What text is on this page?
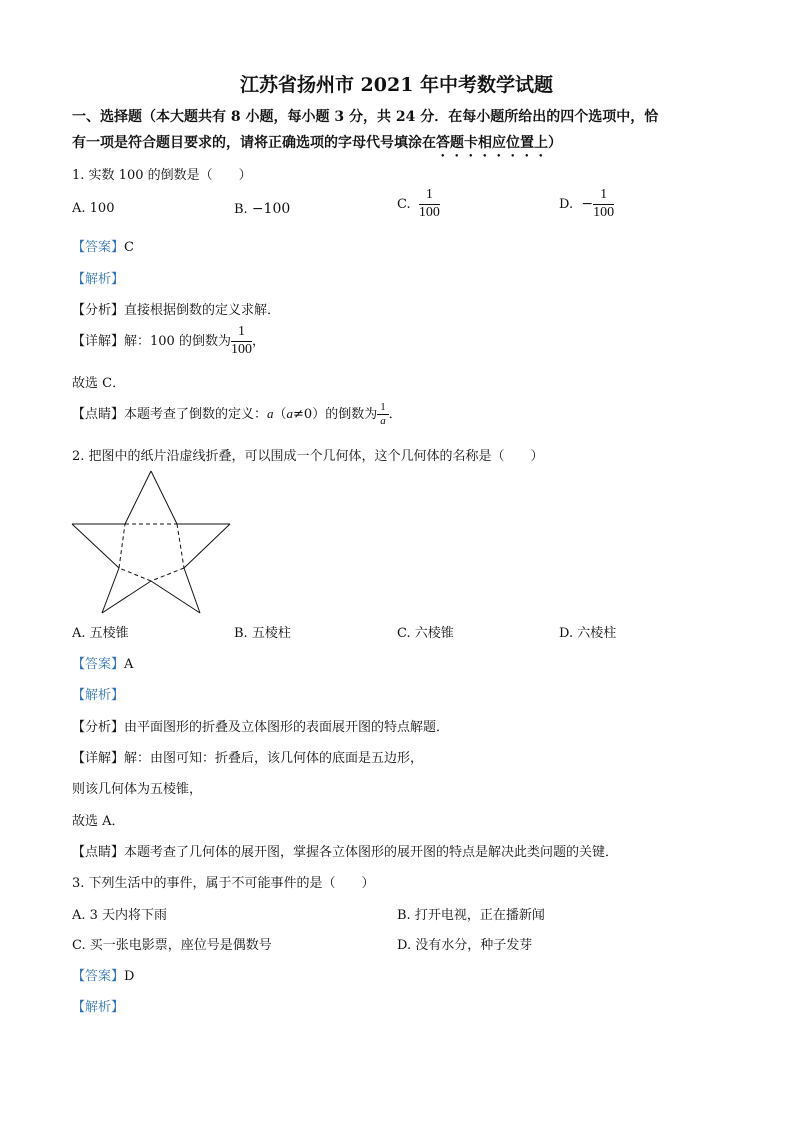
江苏省扬州市 2021 年中考数学试题
一、选择题（本大题共有 8 小题，每小题 3 分，共 24 分．在每小题所给出的四个选项中，恰
有一项是符合题目要求的，请将正确选项的字母代号填涂在答题卡相应位置上）
1. 实数 100 的倒数是（　　）
A. 100	B. −100	C. $\frac{1}{100}$	D. − $\frac{1}{100}$
【答案】C
【解析】
【分析】直接根据倒数的定义求解．
【详解】解：100 的倒数为 $\frac{1}{100}$ ，
故选 C．
【点睛】本题考查了倒数的定义：a（a≠0）的倒数为 $\frac{1}{a}$ ．
2. 把图中的纸片沿虚线折叠，可以围成一个几何体，这个几何体的名称是（　　）
A. 五棱锥	B. 五棱柱	C. 六棱锥	D. 六棱柱
【答案】A
【解析】
【分析】由平面图形的折叠及立体图形的表面展开图的特点解题．
【详解】解：由图可知：折叠后，该几何体的底面是五边形，
则该几何体为五棱锥，
故选 A．
【点睛】本题考查了几何体的展开图，掌握各立体图形的展开图的特点是解决此类问题的关键．
3. 下列生活中的事件，属于不可能事件的是（　　）
A. 3 天内将下雨	B. 打开电视，正在播新闻
C. 买一张电影票，座位号是偶数号	D. 没有水分，种子发芽
【答案】D
【解析】
